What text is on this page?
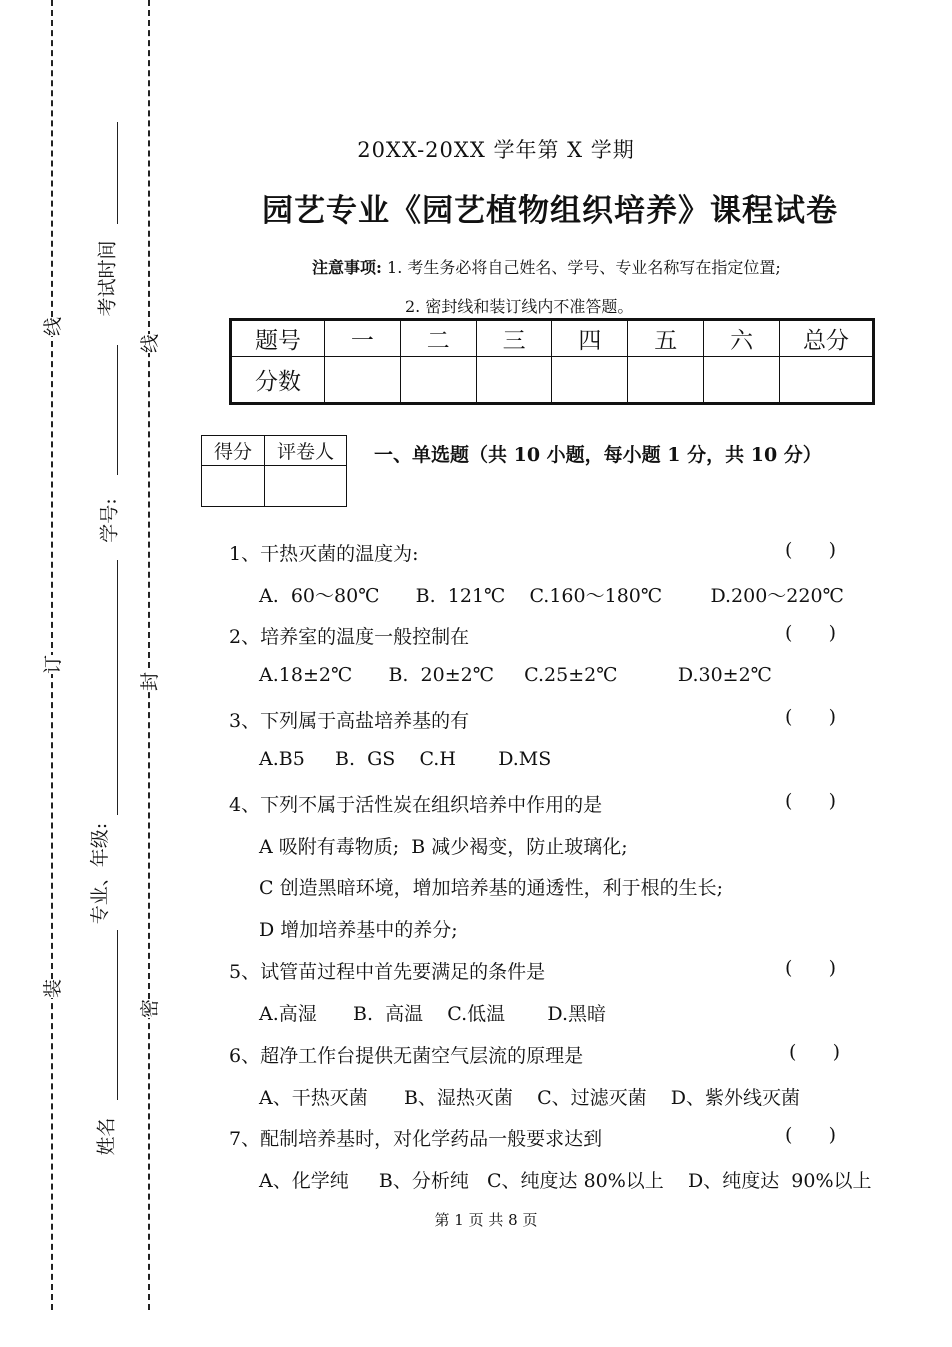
线
订
装
线
封
密
考试时间
学号:
专业、年级:
姓名
20XX-20XX 学年第 X 学期
园艺专业《园艺植物组织培养》课程试卷
注意事项: 1. 考生务必将自己姓名、学号、专业名称写在指定位置;
2. 密封线和装订线内不准答题。
题号	一	二	三	四	五	六	总分
分数							
得分	评卷人
	一、单选题（共 10 小题，每小题 1 分，共 10 分）
1、干热灭菌的温度为:	(      )
A.  60～80℃      B.  121℃    C.160～180℃        D.200～220℃
2、培养室的温度一般控制在	(      )
A.18±2℃      B.  20±2℃     C.25±2℃          D.30±2℃
3、下列属于高盐培养基的有	(      )
A.B5     B.  GS    C.H       D.MS
4、下列不属于活性炭在组织培养中作用的是	(      )
A 吸附有毒物质;  B 减少褐变，防止玻璃化;
C 创造黑暗环境，增加培养基的通透性，利于根的生长;
D 增加培养基中的养分;
5、试管苗过程中首先要满足的条件是	(      )
A.高湿      B.  高温    C.低温       D.黑暗
6、超净工作台提供无菌空气层流的原理是	(      )
A、干热灭菌      B、湿热灭菌    C、过滤灭菌    D、紫外线灭菌
7、配制培养基时，对化学药品一般要求达到	(      )
A、化学纯     B、分析纯   C、纯度达 80%以上    D、纯度达  90%以上
第 1 页 共 8 页
